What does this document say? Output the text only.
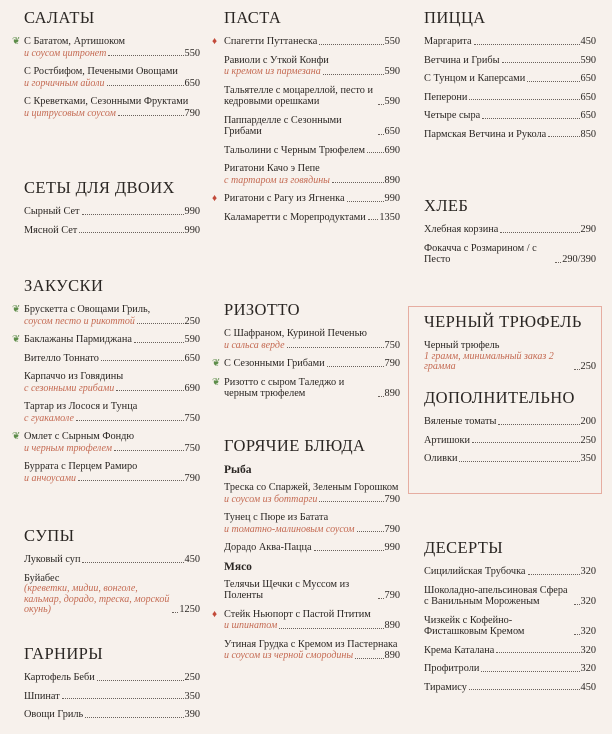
САЛАТЫ
❦ С Бататом, Артишоком
и соусом цитронет	550
С Ростбифом, Печеными Овощами
и горчичным айоли	650
С Креветками, Сезонными Фруктами
и цитрусовым соусом	790
СЕТЫ ДЛЯ ДВОИХ
Сырный Сет	990
Мясной Сет	990
ЗАКУСКИ
❦ Брускетта с Овощами Гриль,
соусом песто и рикоттой	250
❦ Баклажаны Пармиджана	590
Вителло Тоннато	650
Карпаччо из Говядины
с сезонными грибами	690
Тартар из Лосося и Тунца
с гуакамоле	750
❦ Омлет с Сырным Фондю
и черным трюфелем	750
Буррата с Перцем Рамиро
и анчоусами	790
СУПЫ
Луковый суп	450
Буйабес
(креветки, мидии, вонголе, кальмар, дорадо, треска, морской окунь)	1250
ГАРНИРЫ
Картофель Беби	250
Шпинат	350
Овощи Гриль	390
ПАСТА
♦ Спагетти Путтанеска	550
Равиоли с Уткой Конфи
и кремом из пармезана	590
Тальятелле с моцареллой, песто и кедровыми орешками	590
Паппарделле с Сезонными Грибами	650
Тальолини с Черным Трюфелем 690
Ригатони Качо э Пепе
с тартаром из говядины	890
♦ Ригатони с Рагу из Ягненка	990
Каламаретти с Морепродуктами 1350
РИЗОТТО
С Шафраном, Куриной Печенью
и сальса верде	750
❦ С Сезонными Грибами	790
❦ Ризотто с сыром Таледжо и черным трюфелем	890
ГОРЯЧИЕ БЛЮДА
Рыба
Треска со Спаржей, Зеленым Горошком
и соусом из боттарги	790
Тунец с Пюре из Батата
и томатно-малиновым соусом	790
Дорадо Аква-Пацца	990
Мясо
Телячьи Щечки с Муссом из Поленты	790
♦ Стейк Ньюпорт с Пастой Птитим
и шпинатом	890
Утиная Грудка с Кремом из Пастернака
и соусом из черной смородины	890
ПИЦЦА
Маргарита	450
Ветчина и Грибы	590
С Тунцом и Каперсами	650
Пеперони	650
Четыре сыра	650
Пармская Ветчина и Рукола	850
ХЛЕБ
Хлебная корзина	290
Фокачча с Розмарином / с Песто	290/390
ЧЕРНЫЙ ТРЮФЕЛЬ
Черный трюфель
1 грамм, минимальный заказ 2 грамма	250
ДОПОЛНИТЕЛЬНО
Вяленые томаты	200
Артишоки	250
Оливки	350
ДЕСЕРТЫ
Сицилийская Трубочка	320
Шоколадно-апельсиновая Сфера с Ванильным Мороженым	320
Чизкейк с Кофейно-Фисташковым Кремом	320
Крема Каталана	320
Профитроли	320
Тирамису	450
